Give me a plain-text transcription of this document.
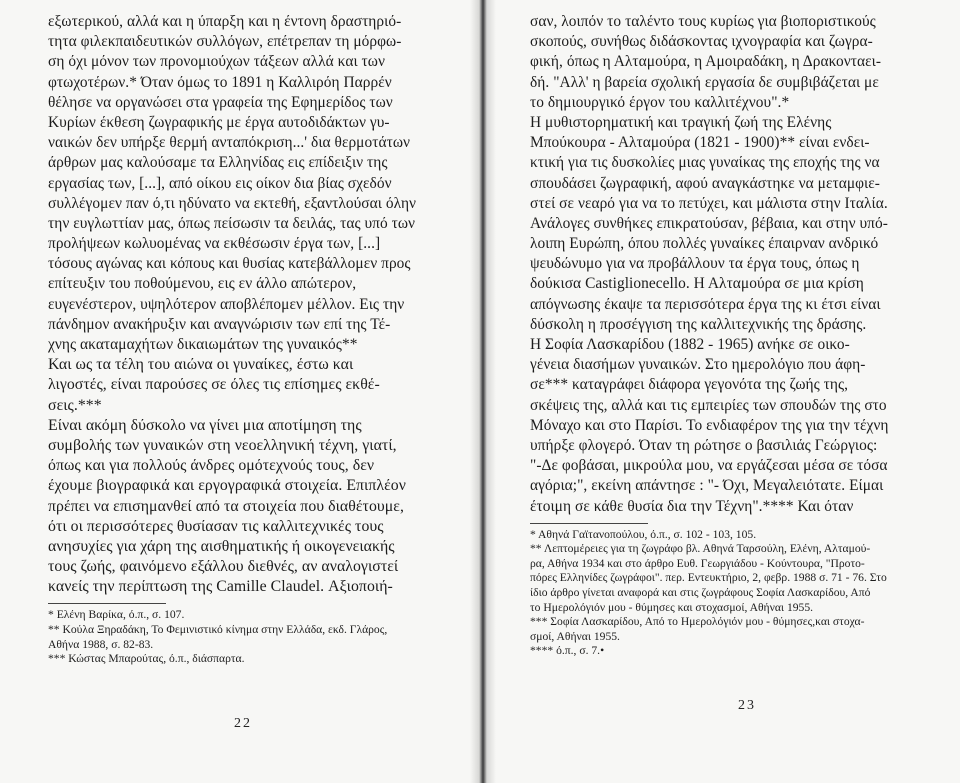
εξωτερικού, αλλά και η ύπαρξη και η έντονη δραστηριό-
τητα φιλεκπαιδευτικών συλλόγων, επέτρεπαν τη μόρφω-
ση όχι μόνον των προνομιούχων τάξεων αλλά και των
φτωχοτέρων.* Όταν όμως το 1891 η Καλλιρόη Παρρέν
θέλησε να οργανώσει στα γραφεία της Εφημερίδος των
Κυρίων έκθεση ζωγραφικής με έργα αυτοδιδάκτων γυ-
ναικών δεν υπήρξε θερμή ανταπόκριση...' δια θερμοτάτων
άρθρων μας καλούσαμε τα Ελληνίδας εις επίδειξιν της
εργασίας των, [...], από οίκου εις οίκον δια βίας σχεδόν
συλλέγομεν παν ό,τι ηδύνατο να εκτεθή, εξαντλούσαι όλην
την ευγλωττίαν μας, όπως πείσωσιν τα δειλάς, τας υπό των
προλήψεων κωλυομένας να εκθέσωσιν έργα των, [...]
τόσους αγώνας και κόπους και θυσίας κατεβάλλομεν προς
επίτευξιν του ποθούμενου, εις εν άλλο απώτερον,
ευγενέστερον, υψηλότερον αποβλέπομεν μέλλον. Εις την
πάνδημον ανακήρυξιν και αναγνώρισιν των επί της Τέ-
χνης ακαταμαχήτων δικαιωμάτων της γυναικός**
Και ως τα τέλη του αιώνα οι γυναίκες, έστω και
λιγοστές, είναι παρούσες σε όλες τις επίσημες εκθέ-
σεις.***
Είναι ακόμη δύσκολο να γίνει μια αποτίμηση της
συμβολής των γυναικών στη νεοελληνική τέχνη, γιατί,
όπως και για πολλούς άνδρες ομότεχνούς τους, δεν
έχουμε βιογραφικά και εργογραφικά στοιχεία. Επιπλέον
πρέπει να επισημανθεί από τα στοιχεία που διαθέτουμε,
ότι οι περισσότερες θυσίασαν τις καλλιτεχνικές τους
ανησυχίες για χάρη της αισθηματικής ή οικογενειακής
τους ζωής, φαινόμενο εξάλλου διεθνές, αν αναλογιστεί
κανείς την περίπτωση της Camille Claudel. Αξιοποιή-
* Ελένη Βαρίκα, ό.π., σ. 107.
** Κούλα Ξηραδάκη, Το Φεμινιστικό κίνημα στην Ελλάδα, εκδ. Γλάρος,
Αθήνα 1988, σ. 82-83.
*** Κώστας Μπαρούτας, ό.π., διάσπαρτα.
22
σαν, λοιπόν το ταλέντο τους κυρίως για βιοποριστικούς
σκοπούς, συνήθως διδάσκοντας ιχνογραφία και ζωγρα-
φική, όπως η Αλταμούρα, η Αμοιραδάκη, η Δρακονταει-
δή. "Αλλ' η βαρεία σχολική εργασία δε συμβιβάζεται με
το δημιουργικό έργον του καλλιτέχνου".*
Η μυθιστορηματική και τραγική ζωή της Ελένης
Μπούκουρα - Αλταμούρα (1821 - 1900)** είναι ενδει-
κτική για τις δυσκολίες μιας γυναίκας της εποχής της να
σπουδάσει ζωγραφική, αφού αναγκάστηκε να μεταμφιε-
στεί σε νεαρό για να το πετύχει, και μάλιστα στην Ιταλία.
Ανάλογες συνθήκες επικρατούσαν, βέβαια, και στην υπό-
λοιπη Ευρώπη, όπου πολλές γυναίκες έπαιρναν ανδρικό
ψευδώνυμο για να προβάλλουν τα έργα τους, όπως η
δούκισα Castiglionecello. Η Αλταμούρα σε μια κρίση
απόγνωσης έκαψε τα περισσότερα έργα της κι έτσι είναι
δύσκολη η προσέγγιση της καλλιτεχνικής της δράσης.
Η Σοφία Λασκαρίδου (1882 - 1965) ανήκε σε οικο-
γένεια διασήμων γυναικών. Στο ημερολόγιο που άφη-
σε*** καταγράφει διάφορα γεγονότα της ζωής της,
σκέψεις της, αλλά και τις εμπειρίες των σπουδών της στο
Μόναχο και στο Παρίσι. Το ενδιαφέρον της για την τέχνη
υπήρξε φλογερό. Όταν τη ρώτησε ο βασιλιάς Γεώργιος:
"-Δε φοβάσαι, μικρούλα μου, να εργάζεσαι μέσα σε τόσα
αγόρια;", εκείνη απάντησε : "- Όχι, Μεγαλειότατε. Είμαι
έτοιμη σε κάθε θυσία δια την Τέχνη".**** Και όταν
* Αθηνά Γαϊτανοπούλου, ό.π., σ. 102 - 103, 105.
** Λεπτομέρειες για τη ζωγράφο βλ. Αθηνά Ταρσούλη, Ελένη, Αλταμού-
ρα, Αθήνα 1934 και στο άρθρο Ευθ. Γεωργιάδου - Κούντουρα, "Προτο-
πόρες Ελληνίδες ζωγράφοι". περ. Εντευκτήριο, 2, φεβρ. 1988 σ. 71 - 76. Στο
ίδιο άρθρο γίνεται αναφορά και στις ζωγράφους Σοφία Λασκαρίδου, Από
το Ημερολόγιόν μου - θύμησες και στοχασμοί, Αθήναι 1955.
*** Σοφία Λασκαρίδου, Από το Ημερολόγιόν μου - θύμησες,και στοχα-
σμοί, Αθήναι 1955.
**** ό.π., σ. 7.•
23
